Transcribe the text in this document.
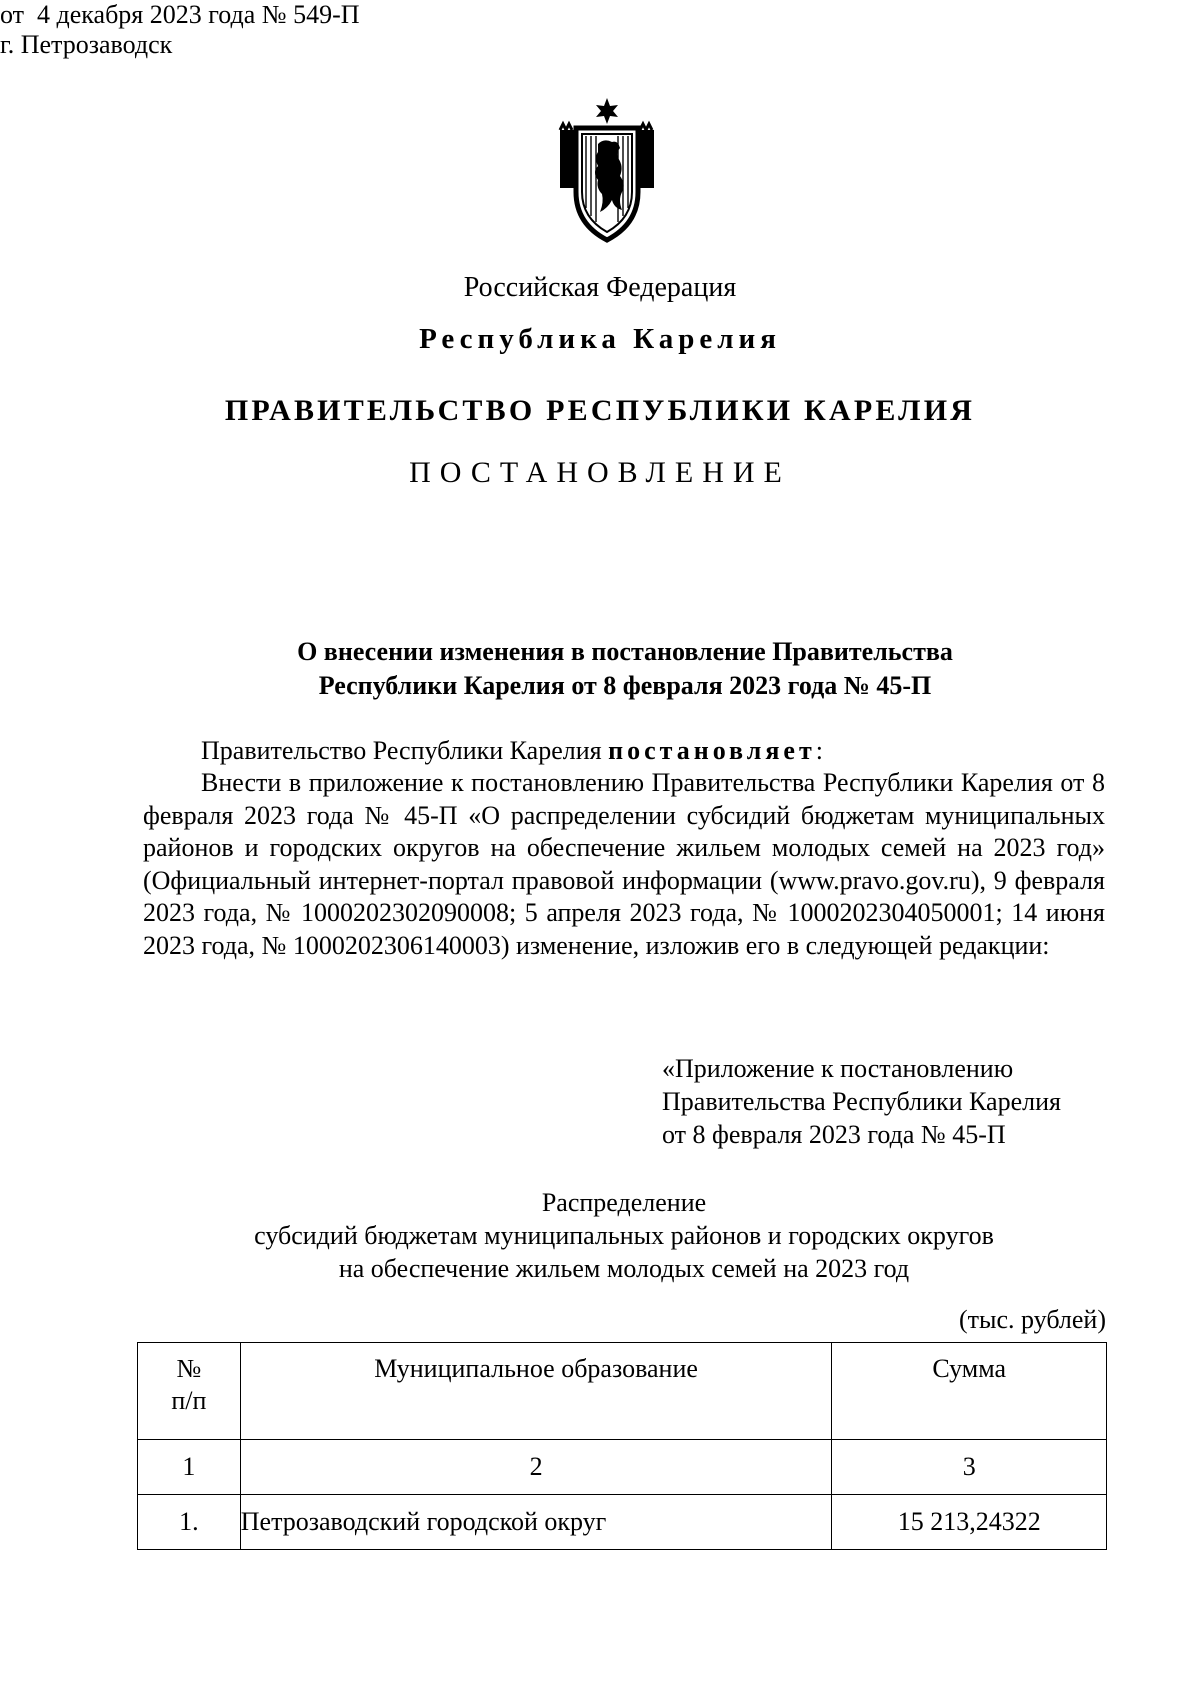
Российская Федерация
Республика Карелия
ПРАВИТЕЛЬСТВО РЕСПУБЛИКИ КАРЕЛИЯ
ПОСТАНОВЛЕНИЕ
от  4 декабря 2023 года № 549-П
г. Петрозаводск
О внесении изменения в постановление Правительства
Республики Карелия от 8 февраля 2023 года № 45-П
Правительство Республики Карелия постановляет:
Внести в приложение к постановлению Правительства Республики Карелия от 8 февраля 2023 года № 45-П «О распределении субсидий бюджетам муниципальных районов и городских округов на обеспечение жильем молодых семей на 2023 год» (Официальный интернет-портал правовой информации (www.pravo.gov.ru), 9 февраля 2023 года, № 1000202302090008; 5 апреля 2023 года, № 1000202304050001; 14 июня 2023 года, № 1000202306140003) изменение, изложив его в следующей редакции:
«Приложение к постановлению
Правительства Республики Карелия
от 8 февраля 2023 года № 45-П
Распределение
субсидий бюджетам муниципальных районов и городских округов
на обеспечение жильем молодых семей на 2023 год
(тыс. рублей)
№
п/п	Муниципальное образование	Сумма
1	2	3
1.	Петрозаводский городской округ	15 213,24322
